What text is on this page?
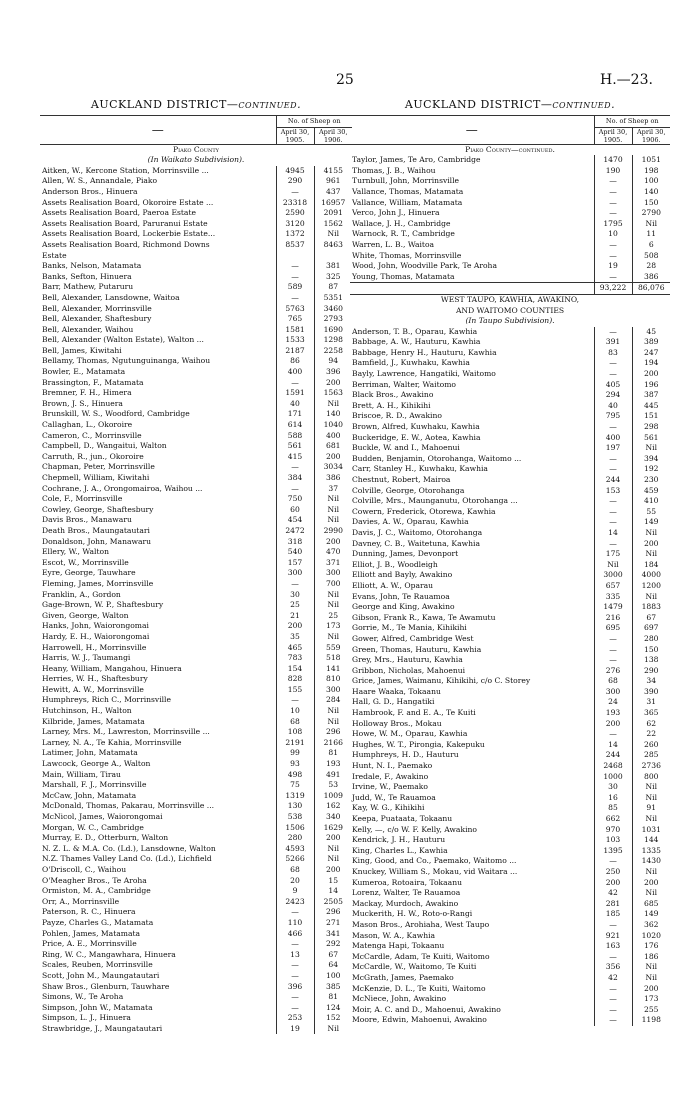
25	H.—23.
AUCKLAND DISTRICT—continued.
—	No. of Sheep on	
	April 30, 1905.	April 30, 1906.
Piako County		
(In Waikato Subdivision).		
Aitken, W., Kercone Station, Morrinsville ...	4945	4155
Allen, W. S., Annandale, Piako	290	961
Anderson Bros., Hinuera	—	437
Assets Realisation Board, Okoroire Estate ...	23318	16957
Assets Realisation Board, Paeroa Estate	2590	2091
Assets Realisation Board, Paruranui Estate	3120	1562
Assets Realisation Board, Lockerbie Estate...	1372	Nil
Assets Realisation Board, Richmond Downs	8537	8463
Estate		
Banks, Nelson, Matamata	—	381
Banks, Sefton, Hinuera	—	325
Barr, Mathew, Putaruru	589	87
Bell, Alexander, Lansdowne, Waitoa	—	5351
Bell, Alexander, Morrinsville	5763	3460
Bell, Alexander, Shaftesbury	765	2793
Bell, Alexander, Waihou	1581	1690
Bell, Alexander (Walton Estate), Walton ...	1533	1298
Bell, James, Kiwitahi	2187	2258
Bellamy, Thomas, Ngutunguinanga, Waihou	86	94
Bowler, E., Matamata	400	396
Brassington, F., Matamata	—	200
Bremner, F. H., Himera	1591	1563
Brown, J. S., Hinuera	40	Nil
Brunskill, W. S., Woodford, Cambridge	171	140
Callaghan, L., Okoroire	614	1040
Cameron, C., Morrinsville	588	400
Campbell, D., Wangaitui, Walton	561	681
Carruth, R., jun., Okoroire	415	200
Chapman, Peter, Morrinsville	—	3034
Chepmell, William, Kiwitahi	384	386
Cochrane, J. A., Orongomairoa, Waihou ...	—	37
Cole, F., Morrinsville	750	Nil
Cowley, George, Shaftesbury	60	Nil
Davis Bros., Manawaru	454	Nil
Death Bros., Maungatautari	2472	2990
Donaldson, John, Manawaru	318	200
Ellery, W., Walton	540	470
Escot, W., Morrinsville	157	371
Eyre, George, Tauwhare	300	300
Fleming, James, Morrinsville	—	700
Franklin, A., Gordon	30	Nil
Gage-Brown, W. P., Shaftesbury	25	Nil
Given, George, Walton	21	25
Hanks, John, Waiorongomai	200	173
Hardy, E. H., Waiorongomai	35	Nil
Harrowell, H., Morrinsville	465	559
Harris, W. J., Taumangi	783	518
Heany, William, Mangahou, Hinuera	154	141
Herries, W. H., Shaftesbury	828	810
Hewitt, A. W., Morrinsville	155	300
Humphreys, Rich C., Morrinsville	—	284
Hutchinson, H., Walton	10	Nil
Kilbride, James, Matamata	68	Nil
Larney, Mrs. M., Lawreston, Morrinsville ...	108	296
Larney, N. A., Te Kahia, Morrinsville	2191	2166
Latimer, John, Matamata	99	81
Lawcock, George A., Walton	93	193
Main, William, Tirau	498	491
Marshall, F. J., Morrinsville	75	53
McCaw, John, Matamata	1319	1009
McDonald, Thomas, Pakarau, Morrinsville ...	130	162
McNicol, James, Waiorongomai	538	340
Morgan, W. C., Cambridge	1506	1629
Murray, E. D., Otterburn, Walton	280	200
N. Z. L. & M.A. Co. (Ld.), Lansdowne, Walton	4593	Nil
N.Z. Thames Valley Land Co. (Ld.), Lichfield	5266	Nil
O'Driscoll, C., Waihou	68	200
O'Meagher Bros., Te Aroha	20	15
Ormiston, M. A., Cambridge	9	14
Orr, A., Morrinsville	2423	2505
Paterson, R. C., Hinuera	—	296
Payze, Charles G., Matamata	110	271
Pohlen, James, Matamata	466	341
Price, A. E., Morrinsville	—	292
Ring, W. C., Mangawhara, Hinuera	13	67
Scales, Reuben, Morrinsville	—	64
Scott, John M., Maungatautari	—	100
Shaw Bros., Glenburn, Tauwhare	396	385
Simons, W., Te Aroha	—	81
Simpson, John W., Matamata	—	124
Simpson, L. J., Hinuera	253	152
Strawbridge, J., Maungatautari	19	Nil
AUCKLAND DISTRICT—continued.
—	No. of Sheep on	
	April 30, 1905.	April 30, 1906.
Piako County—continued.		
Taylor, James, Te Aro, Cambridge	1470	1051
Thomas, J. B., Waihou	190	198
Turnbull, John, Morrinsville	—	100
Vallance, Thomas, Matamata	—	140
Vallance, William, Matamata	—	150
Verco, John J., Hinuera	—	2790
Wallace, J. H., Cambridge	1795	Nil
Warnock, R. T., Cambridge	10	11
Warren, L. B., Waitoa	—	6
White, Thomas, Morrinsville	—	508
Wood, John, Woodville Park, Te Aroha	19	28
Young, Thomas, Matamata	—	386
	93,222	86,076
WEST TAUPO, KAWHIA, AWAKINO,		
AND WAITOMO COUNTIES		
(In Taupo Subdivision).		
Anderson, T. B., Oparau, Kawhia	—	45
Babbage, A. W., Hauturu, Kawhia	391	389
Babbage, Henry H., Hauturu, Kawhia	83	247
Bamfield, J., Kuwhaku, Kawhia	—	194
Bayly, Lawrence, Hangatiki, Waitomo	—	200
Berriman, Walter, Waitomo	405	196
Black Bros., Awakino	294	387
Brett, A. H., Kihikihi	40	445
Briscoe, R. D., Awakino	795	151
Brown, Alfred, Kuwhaku, Kawhia	—	298
Buckeridge, E. W., Aotea, Kawhia	400	561
Buckle, W. and I., Mahoenui	197	Nil
Budden, Benjamin, Otorohanga, Waitomo ...	—	394
Carr, Stanley H., Kuwhaku, Kawhia	—	192
Chestnut, Robert, Mairoa	244	230
Colville, George, Otorohanga	153	459
Colville, Mrs., Maunganutu, Otorohanga ...	—	410
Cowern, Frederick, Otorewa, Kawhia	—	55
Davies, A. W., Oparau, Kawhia	—	149
Davis, J. C., Waitomo, Otorohanga	14	Nil
Davney, C. B., Waitetuna, Kawhia	—	200
Dunning, James, Devonport	175	Nil
Elliot, J. B., Woodleigh	Nil	184
Elliott and Bayly, Awakino	3000	4000
Elliott, A. W., Oparau	657	1200
Evans, John, Te Rauamoa	335	Nil
George and King, Awakino	1479	1883
Gibson, Frank R., Kawa, Te Awamutu	216	67
Gorrie, M., Te Mania, Kihikihi	695	697
Gower, Alfred, Cambridge West	—	280
Green, Thomas, Hauturu, Kawhia	—	150
Grey, Mrs., Hauturu, Kawhia	—	138
Gribbon, Nicholas, Mahoenui	276	290
Grice, James, Waimanu, Kihikihi, c/o C. Storey	68	34
Haare Waaka, Tokaanu	300	390
Hall, G. D., Hangatiki	24	31
Hambrook, F. and E. A., Te Kuiti	193	365
Holloway Bros., Mokau	200	62
Howe, W. M., Oparau, Kawhia	—	22
Hughes, W. T., Pirongia, Kakepuku	14	260
Humphreys, H. D., Hauturu	244	285
Hunt, N. I., Paemako	2468	2736
Iredale, F., Awakino	1000	800
Irvine, W., Paemako	30	Nil
Judd, W., Te Rauamoa	16	Nil
Kay, W. G., Kihikihi	85	91
Keepa, Puataata, Tokaanu	662	Nil
Kelly, —, c/o W. F. Kelly, Awakino	970	1031
Kendrick, J. H., Hauturu	103	144
King, Charles L., Kawhia	1395	1335
King, Good, and Co., Paemako, Waitomo ...	—	1430
Knuckey, William S., Mokau, vid Waitara ...	250	Nil
Kumeroa, Rotoaira, Tokaanu	200	200
Lorenz, Walter, Te Rauamoa	42	Nil
Mackay, Murdoch, Awakino	281	685
Muckerith, H. W., Roto-o-Rangi	185	149
Mason Bros., Arohiaha, West Taupo	—	362
Mason, W. A., Kawhia	921	1020
Matenga Hapi, Tokaanu	163	176
McCardle, Adam, Te Kuiti, Waitomo	—	186
McCardle, W., Waitomo, Te Kuiti	356	Nil
McGrath, James, Paemako	42	Nil
McKenzie, D. L., Te Kuiti, Waitomo	—	200
McNiece, John, Awakino	—	173
Moir, A. C. and D., Mahoenui, Awakino	—	255
Moore, Edwin, Mahoenui, Awakino	—	1198
